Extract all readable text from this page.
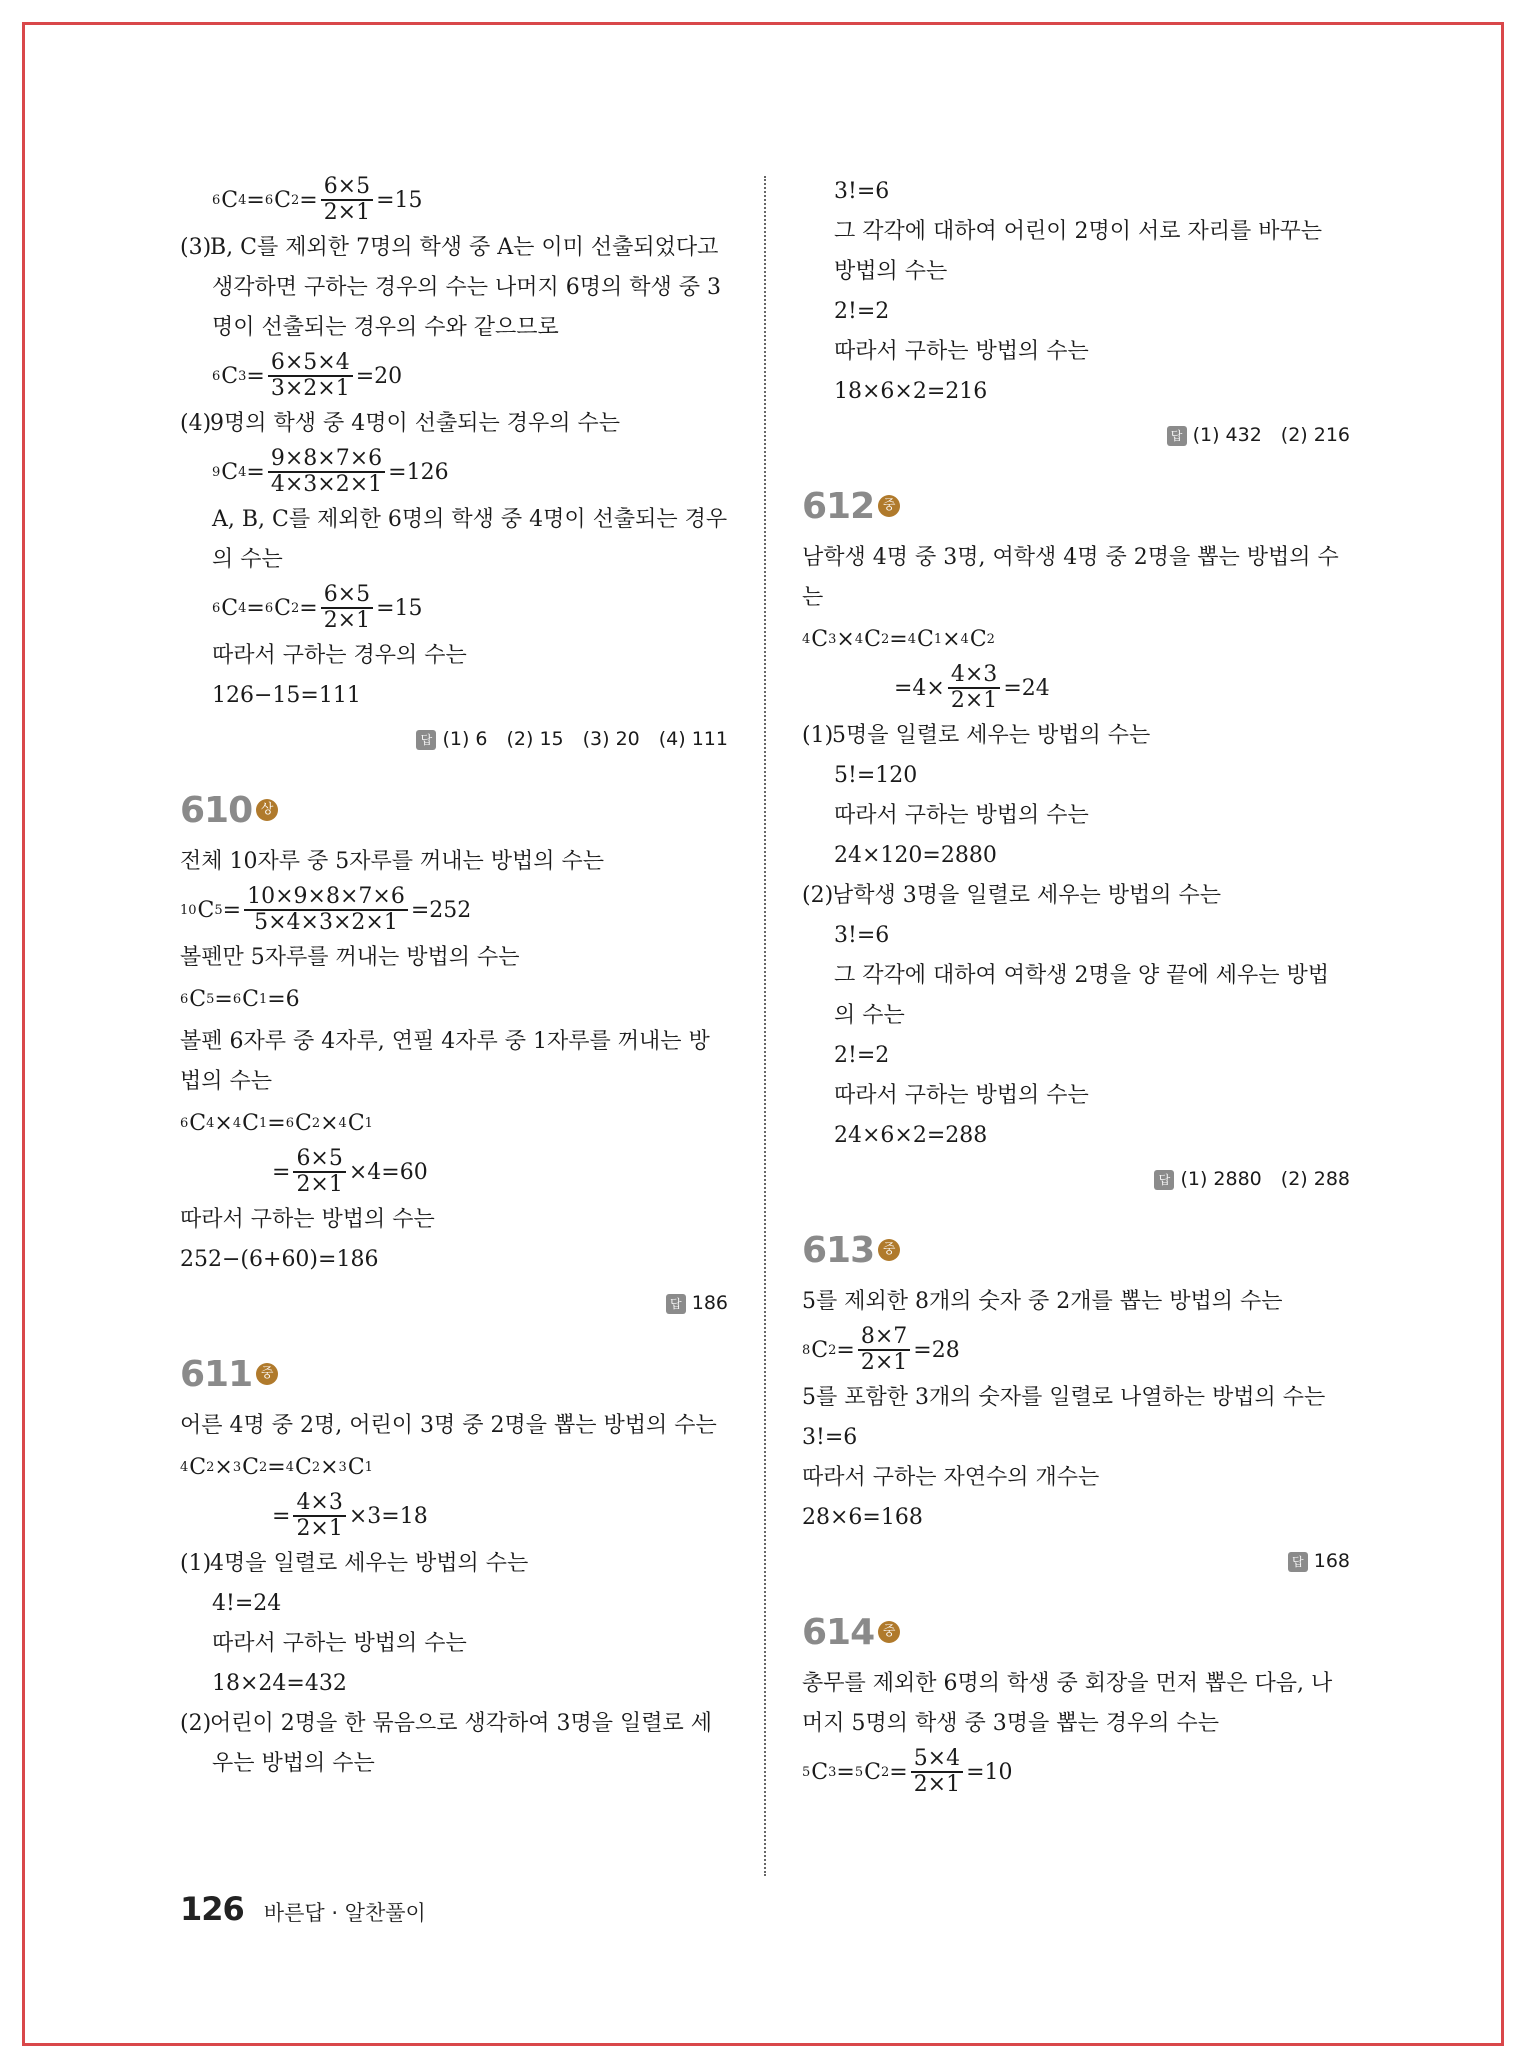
6 C 4 = 6 C $2 = \frac{6\times 5}{2\times 1} =15$
(3)B, C를 제외한 7명의 학생 중 A는 이미 선출되었다고 생각하면 구하는 경우의 수는 나머지 6명의 학생 중 3명이 선출되는 경우의 수와 같으므로
6 C $3 = \frac{6\times 5\times 4}{3\times 2\times 1} =20$
(4)9명의 학생 중 4명이 선출되는 경우의 수는
9 C $4 = \frac{9\times 8\times 7\times 6}{4\times 3\times 2\times 1} =126$
A, B, C를 제외한 6명의 학생 중 4명이 선출되는 경우의 수는
6 C 4 = 6 C $2 = \frac{6\times 5}{2\times 1} =15$
따라서 구하는 경우의 수는
126−15=111
답 (1) 6　(2) 15　(3) 20　(4) 111
610 상
전체 10자루 중 5자루를 꺼내는 방법의 수는
10 C $5 = \frac{10\times 9\times 8\times 7\times 6}{5\times 4\times 3\times 2\times 1} =252$
볼펜만 5자루를 꺼내는 방법의 수는
6 C 5 = 6 C 1 =6
볼펜 6자루 중 4자루, 연필 4자루 중 1자루를 꺼내는 방법의 수는
6 C 4 × 4 C 1 = 6 C 2 × 4 C 1
= $\frac{6\times 5}{2\times 1} \times 4=60$
따라서 구하는 방법의 수는
252−(6+60)=186
답 186
611 중
어른 4명 중 2명, 어린이 3명 중 2명을 뽑는 방법의 수는
4 C 2 × 3 C 2 = 4 C 2 × 3 C 1
= $\frac{4\times 3}{2\times 1} \times 3=18$
(1)4명을 일렬로 세우는 방법의 수는
4!=24
따라서 구하는 방법의 수는
18×24=432
(2)어린이 2명을 한 묶음으로 생각하여 3명을 일렬로 세우는 방법의 수는
3!=6
그 각각에 대하여 어린이 2명이 서로 자리를 바꾸는 방법의 수는
2!=2
따라서 구하는 방법의 수는
18×6×2=216
답 (1) 432　(2) 216
612 중
남학생 4명 중 3명, 여학생 4명 중 2명을 뽑는 방법의 수는
4 C 3 × 4 C 2 = 4 C 1 × 4 C 2
$=4\times \frac{4\times 3}{2\times 1} =24$
(1)5명을 일렬로 세우는 방법의 수는
5!=120
따라서 구하는 방법의 수는
24×120=2880
(2)남학생 3명을 일렬로 세우는 방법의 수는
3!=6
그 각각에 대하여 여학생 2명을 양 끝에 세우는 방법의 수는
2!=2
따라서 구하는 방법의 수는
24×6×2=288
답 (1) 2880　(2) 288
613 중
5를 제외한 8개의 숫자 중 2개를 뽑는 방법의 수는
8 C $2 = \frac{8\times 7}{2\times 1} =28$
5를 포함한 3개의 숫자를 일렬로 나열하는 방법의 수는
3!=6
따라서 구하는 자연수의 개수는
28×6=168
답 168
614 중
총무를 제외한 6명의 학생 중 회장을 먼저 뽑은 다음, 나머지 5명의 학생 중 3명을 뽑는 경우의 수는
5 C 3 = 5 C $2 = \frac{5\times 4}{2\times 1} =10$
126 바른답 · 알찬풀이
